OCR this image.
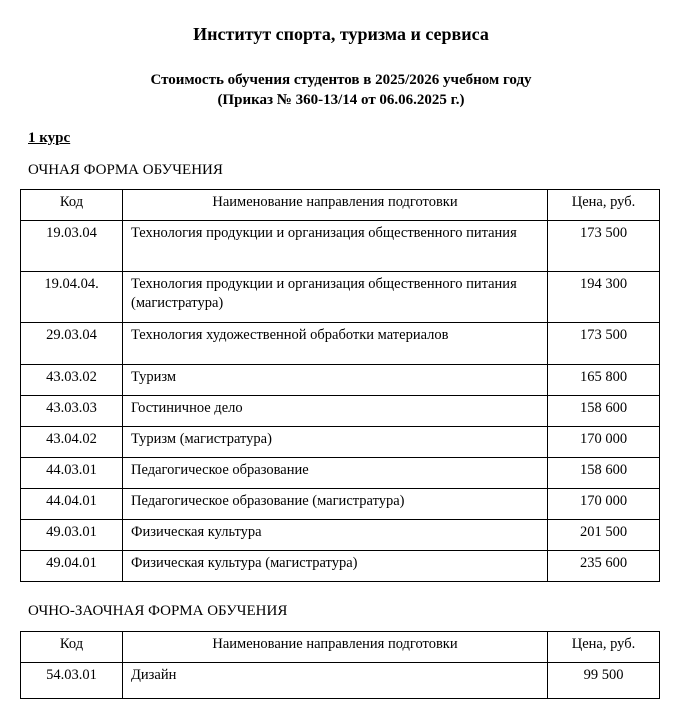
Институт спорта, туризма и сервиса
Стоимость обучения студентов в 2025/2026 учебном году
(Приказ № 360-13/14 от 06.06.2025 г.)
1 курс
ОЧНАЯ ФОРМА ОБУЧЕНИЯ
Код	Наименование направления подготовки	Цена, руб.
19.03.04	Технология продукции и организация общественного питания	173 500
19.04.04.	Технология продукции и организация общественного питания (магистратура)	194 300
29.03.04	Технология художественной обработки материалов	173 500
43.03.02	Туризм	165 800
43.03.03	Гостиничное дело	158 600
43.04.02	Туризм (магистратура)	170 000
44.03.01	Педагогическое образование	158 600
44.04.01	Педагогическое образование (магистратура)	170 000
49.03.01	Физическая культура	201 500
49.04.01	Физическая культура (магистратура)	235 600
ОЧНО-ЗАОЧНАЯ ФОРМА ОБУЧЕНИЯ
Код	Наименование направления подготовки	Цена, руб.
54.03.01	Дизайн	99 500
